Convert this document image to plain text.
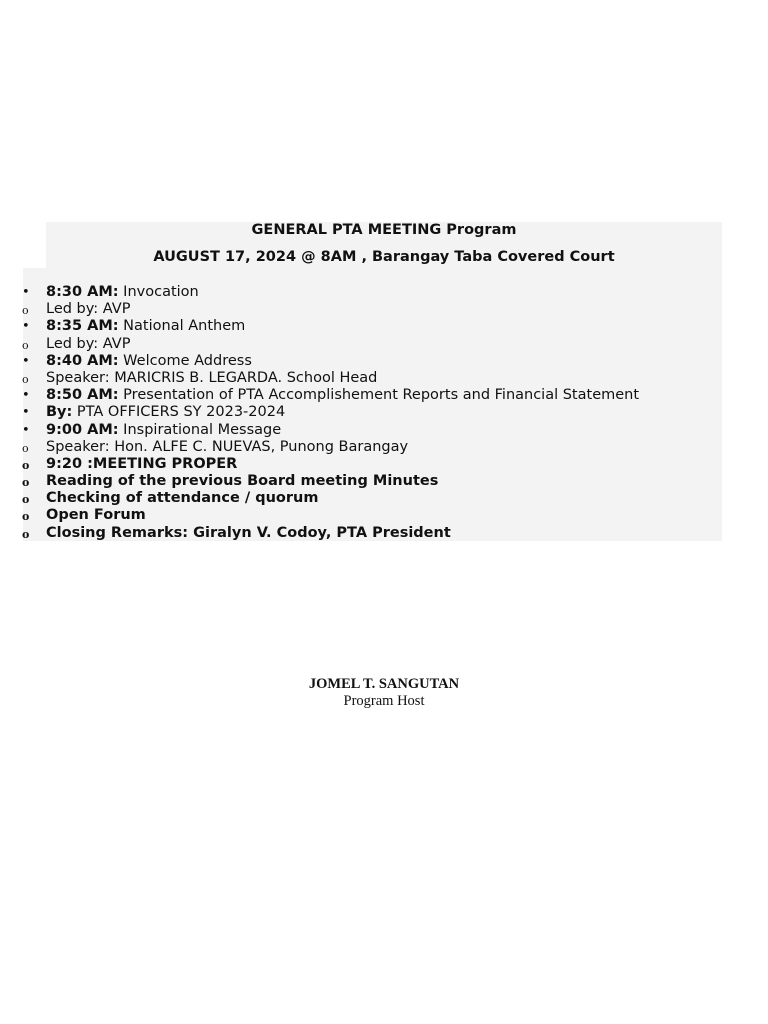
GENERAL PTA MEETING Program
AUGUST 17, 2024 @ 8AM , Barangay Taba Covered Court
• 8:30 AM: Invocation
o Led by: AVP
• 8:35 AM: National Anthem
o Led by: AVP
• 8:40 AM: Welcome Address
o Speaker: MARICRIS B. LEGARDA. School Head
• 8:50 AM: Presentation of PTA Accomplishement Reports and Financial Statement
• By: PTA OFFICERS SY 2023-2024
• 9:00 AM: Inspirational Message
o Speaker: Hon. ALFE C. NUEVAS, Punong Barangay
o 9:20 :MEETING PROPER
o Reading of the previous Board meeting Minutes
o Checking of attendance / quorum
o Open Forum
o Closing Remarks: Giralyn V. Codoy, PTA President
JOMEL T. SANGUTAN
Program Host
